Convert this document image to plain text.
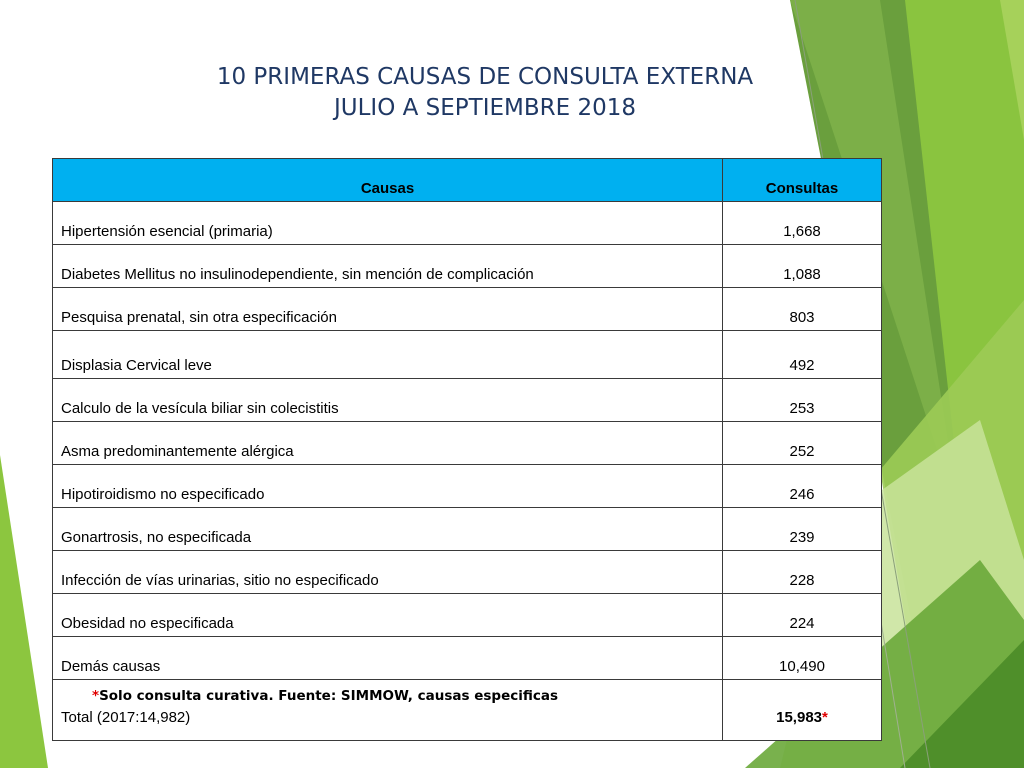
10 PRIMERAS CAUSAS DE CONSULTA EXTERNA
JULIO A SEPTIEMBRE 2018
Causas	Consultas
Hipertensión esencial (primaria)	1,668
Diabetes Mellitus no insulinodependiente, sin mención de complicación	1,088
Pesquisa prenatal, sin otra especificación	803
Displasia Cervical leve	492
Calculo de la vesícula biliar sin colecistitis	253
Asma predominantemente alérgica	252
Hipotiroidismo no especificado	246
Gonartrosis, no especificada	239
Infección de vías urinarias, sitio no especificado	228
Obesidad no especificada	224
Demás causas	10,490
Total (2017:14,982)	15,983*
*Solo consulta curativa. Fuente: SIMMOW, causas especificas
